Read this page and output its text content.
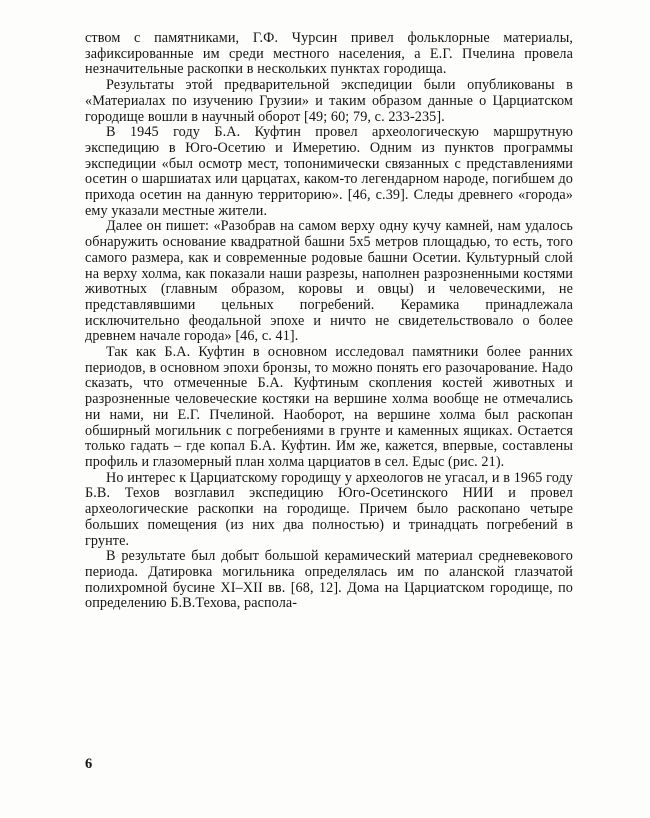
ством с памятниками, Г.Ф. Чурсин привел фольклорные материалы, зафиксированные им среди местного населения, а Е.Г. Пчелина провела незначительные раскопки в нескольких пунктах городища.

Результаты этой предварительной экспедиции были опубликованы в «Материалах по изучению Грузии» и таким образом данные о Царциатском городище вошли в научный оборот [49; 60; 79, с. 233-235].

В 1945 году Б.А. Куфтин провел археологическую маршрутную экспедицию в Юго-Осетию и Имеретию. Одним из пунктов программы экспедиции «был осмотр мест, топонимически связанных с представлениями осетин о шаршиатах или царцатах, каком-то легендарном народе, погибшем до прихода осетин на данную территорию». [46, с.39]. Следы древнего «города» ему указали местные жители.

Далее он пишет: «Разобрав на самом верху одну кучу камней, нам удалось обнаружить основание квадратной башни 5х5 метров площадью, то есть, того самого размера, как и современные родовые башни Осетии. Культурный слой на верху холма, как показали наши разрезы, наполнен разрозненными костями животных (главным образом, коровы и овцы) и человеческими, не представлявшими цельных погребений. Керамика принадлежала исключительно феодальной эпохе и ничто не свидетельствовало о более древнем начале города» [46, с. 41].

Так как Б.А. Куфтин в основном исследовал памятники более ранних периодов, в основном эпохи бронзы, то можно понять его разочарование. Надо сказать, что отмеченные Б.А. Куфтиным скопления костей животных и разрозненные человеческие костяки на вершине холма вообще не отмечались ни нами, ни Е.Г. Пчелиной. Наоборот, на вершине холма был раскопан обширный могильник с погребениями в грунте и каменных ящиках. Остается только гадать – где копал Б.А. Куфтин. Им же, кажется, впервые, составлены профиль и глазомерный план холма царциатов в сел. Едыс (рис. 21).

Но интерес к Царциатскому городищу у археологов не угасал, и в 1965 году Б.В. Техов возглавил экспедицию Юго-Осетинского НИИ и провел археологические раскопки на городище. Причем было раскопано четыре больших помещения (из них два полностью) и тринадцать погребений в грунте.

В результате был добыт большой керамический материал средневекового периода. Датировка могильника определялась им по аланской глазчатой полихромной бусине XI–XII вв. [68, 12]. Дома на Царциатском городище, по определению Б.В.Техова, распола-

6
